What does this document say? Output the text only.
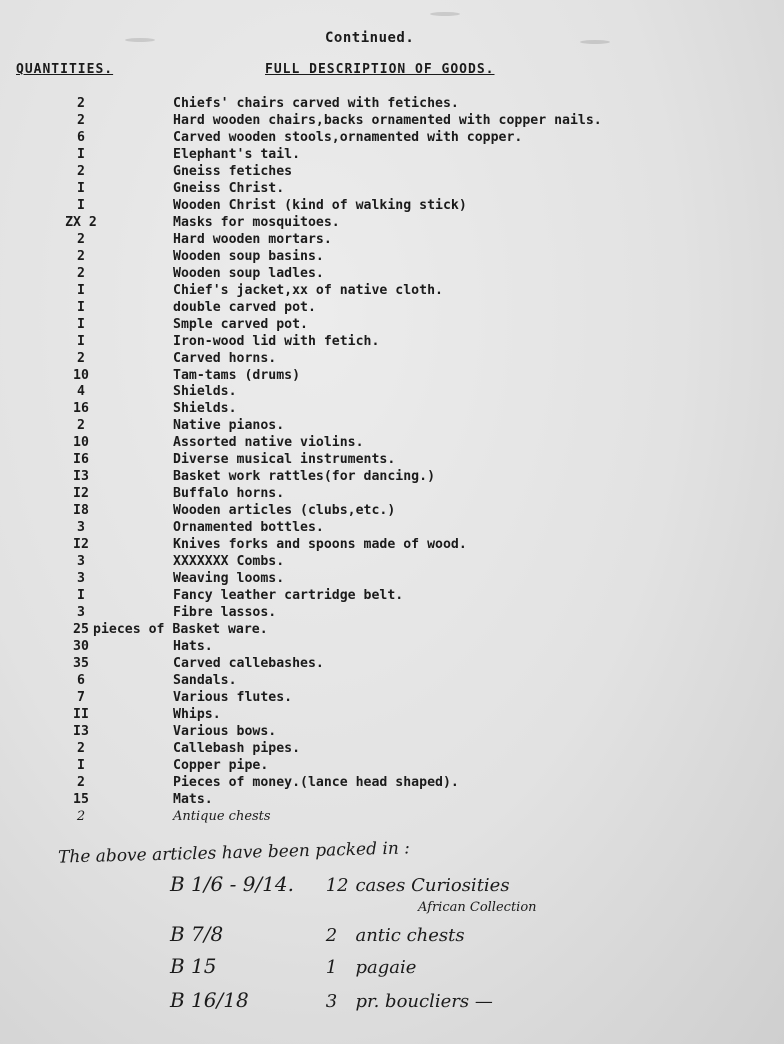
Continued.
QUANTITIES.	FULL DESCRIPTION OF GOODS.
2	Chiefs' chairs carved with fetiches.
2	Hard wooden chairs,backs ornamented with copper nails.
6	Carved wooden stools,ornamented with copper.
I	Elephant's tail.
2	Gneiss fetiches
I	Gneiss Christ.
I	Wooden Christ (kind of walking stick)
ZX 2	Masks for mosquitoes.
2	Hard wooden mortars.
2	Wooden soup basins.
2	Wooden soup ladles.
I	Chief's jacket,xx of native cloth.
I	double carved pot.
I	Smple carved pot.
I	Iron-wood lid with fetich.
2	Carved horns.
10	Tam-tams (drums)
4	Shields.
16	Shields.
2	Native pianos.
10	Assorted native violins.
I6	Diverse musical instruments.
I3	Basket work rattles(for dancing.)
I2	Buffalo horns.
I8	Wooden articles (clubs,etc.)
3	Ornamented bottles.
I2	Knives forks and spoons made of wood.
3	XXXXXXX Combs.
3	Weaving looms.
I	Fancy leather cartridge belt.
3	Fibre lassos.
25 pieces of Basket ware.
30	Hats.
35	Carved callebashes.
6	Sandals.
7	Various flutes.
II	Whips.
I3	Various bows.
2	Callebash pipes.
I	Copper pipe.
2	Pieces of money.(lance head shaped).
15	Mats.
2	Antique chests
The above articles have been packed in :
B 1/6 - 9/14. 12 cases Curiosities
African Collection
B 7/8	2 antic chests
B 15	1 pagaie
B 16/18	3 pr. boucliers —
